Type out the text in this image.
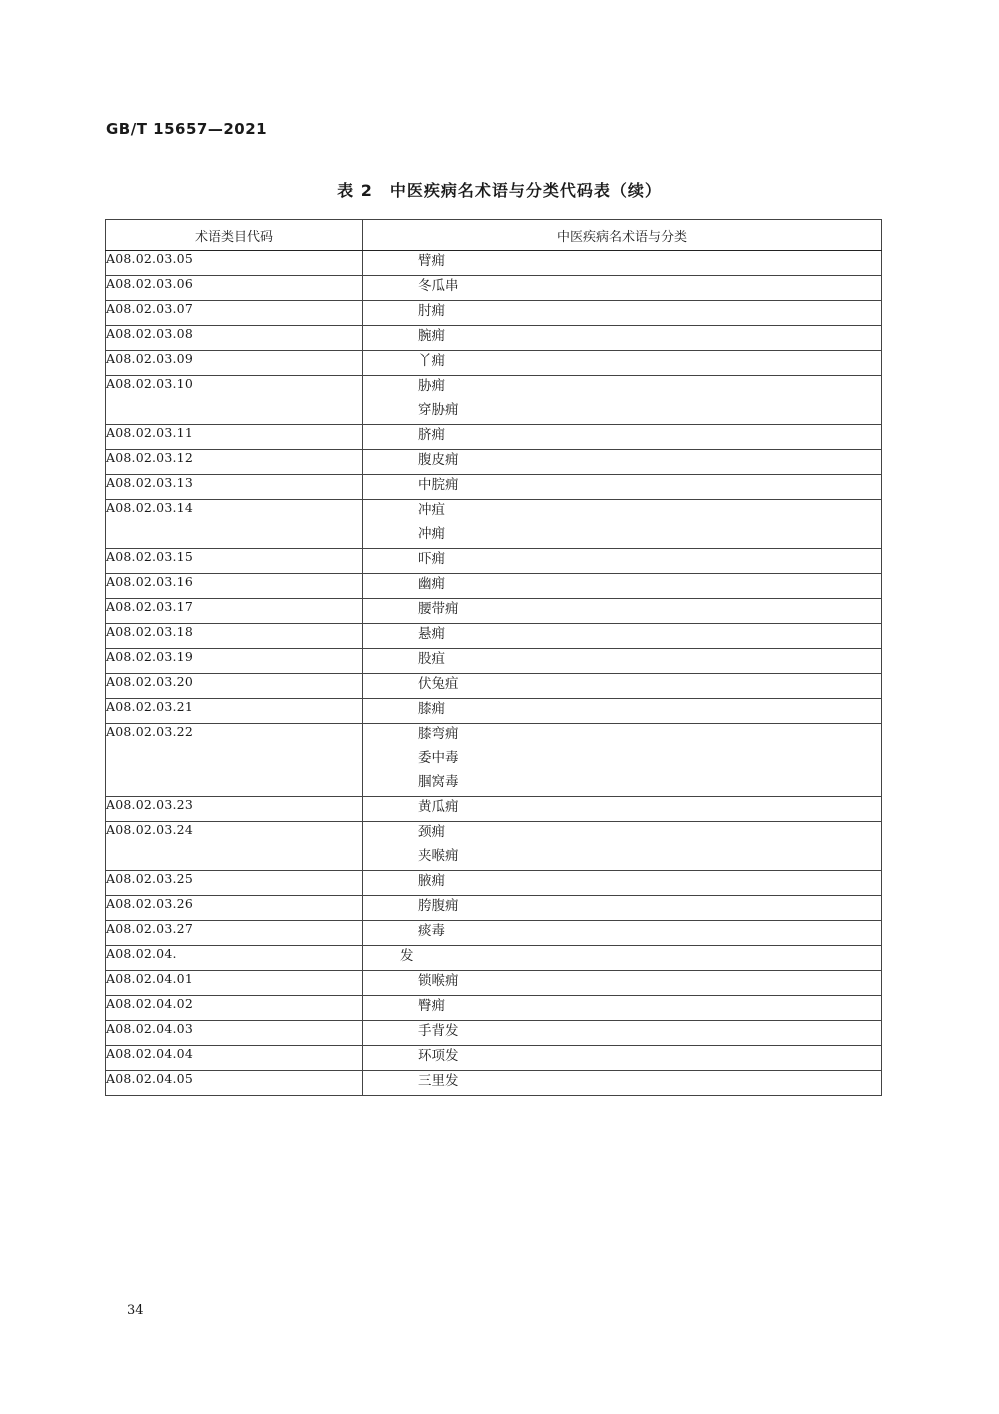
GB/T 15657—2021
表 2　中医疾病名术语与分类代码表（续）
术语类目代码	中医疾病名术语与分类
A08.02.03.05	臂痈

A08.02.03.06	冬瓜串

A08.02.03.07	肘痈

A08.02.03.08	腕痈

A08.02.03.09	丫痈

A08.02.03.10	胁痈
穿胁痈

A08.02.03.11	脐痈

A08.02.03.12	腹皮痈

A08.02.03.13	中脘痈

A08.02.03.14	冲疽
冲痈

A08.02.03.15	吓痈

A08.02.03.16	幽痈

A08.02.03.17	腰带痈

A08.02.03.18	悬痈

A08.02.03.19	股疽

A08.02.03.20	伏兔疽

A08.02.03.21	膝痈

A08.02.03.22	膝弯痈
委中毒
腘窝毒

A08.02.03.23	黄瓜痈

A08.02.03.24	颈痈
夹喉痈

A08.02.03.25	腋痈

A08.02.03.26	胯腹痈

A08.02.03.27	痰毒

A08.02.04.	发

A08.02.04.01	锁喉痈

A08.02.04.02	臀痈

A08.02.04.03	手背发

A08.02.04.04	环项发

A08.02.04.05	三里发
34
